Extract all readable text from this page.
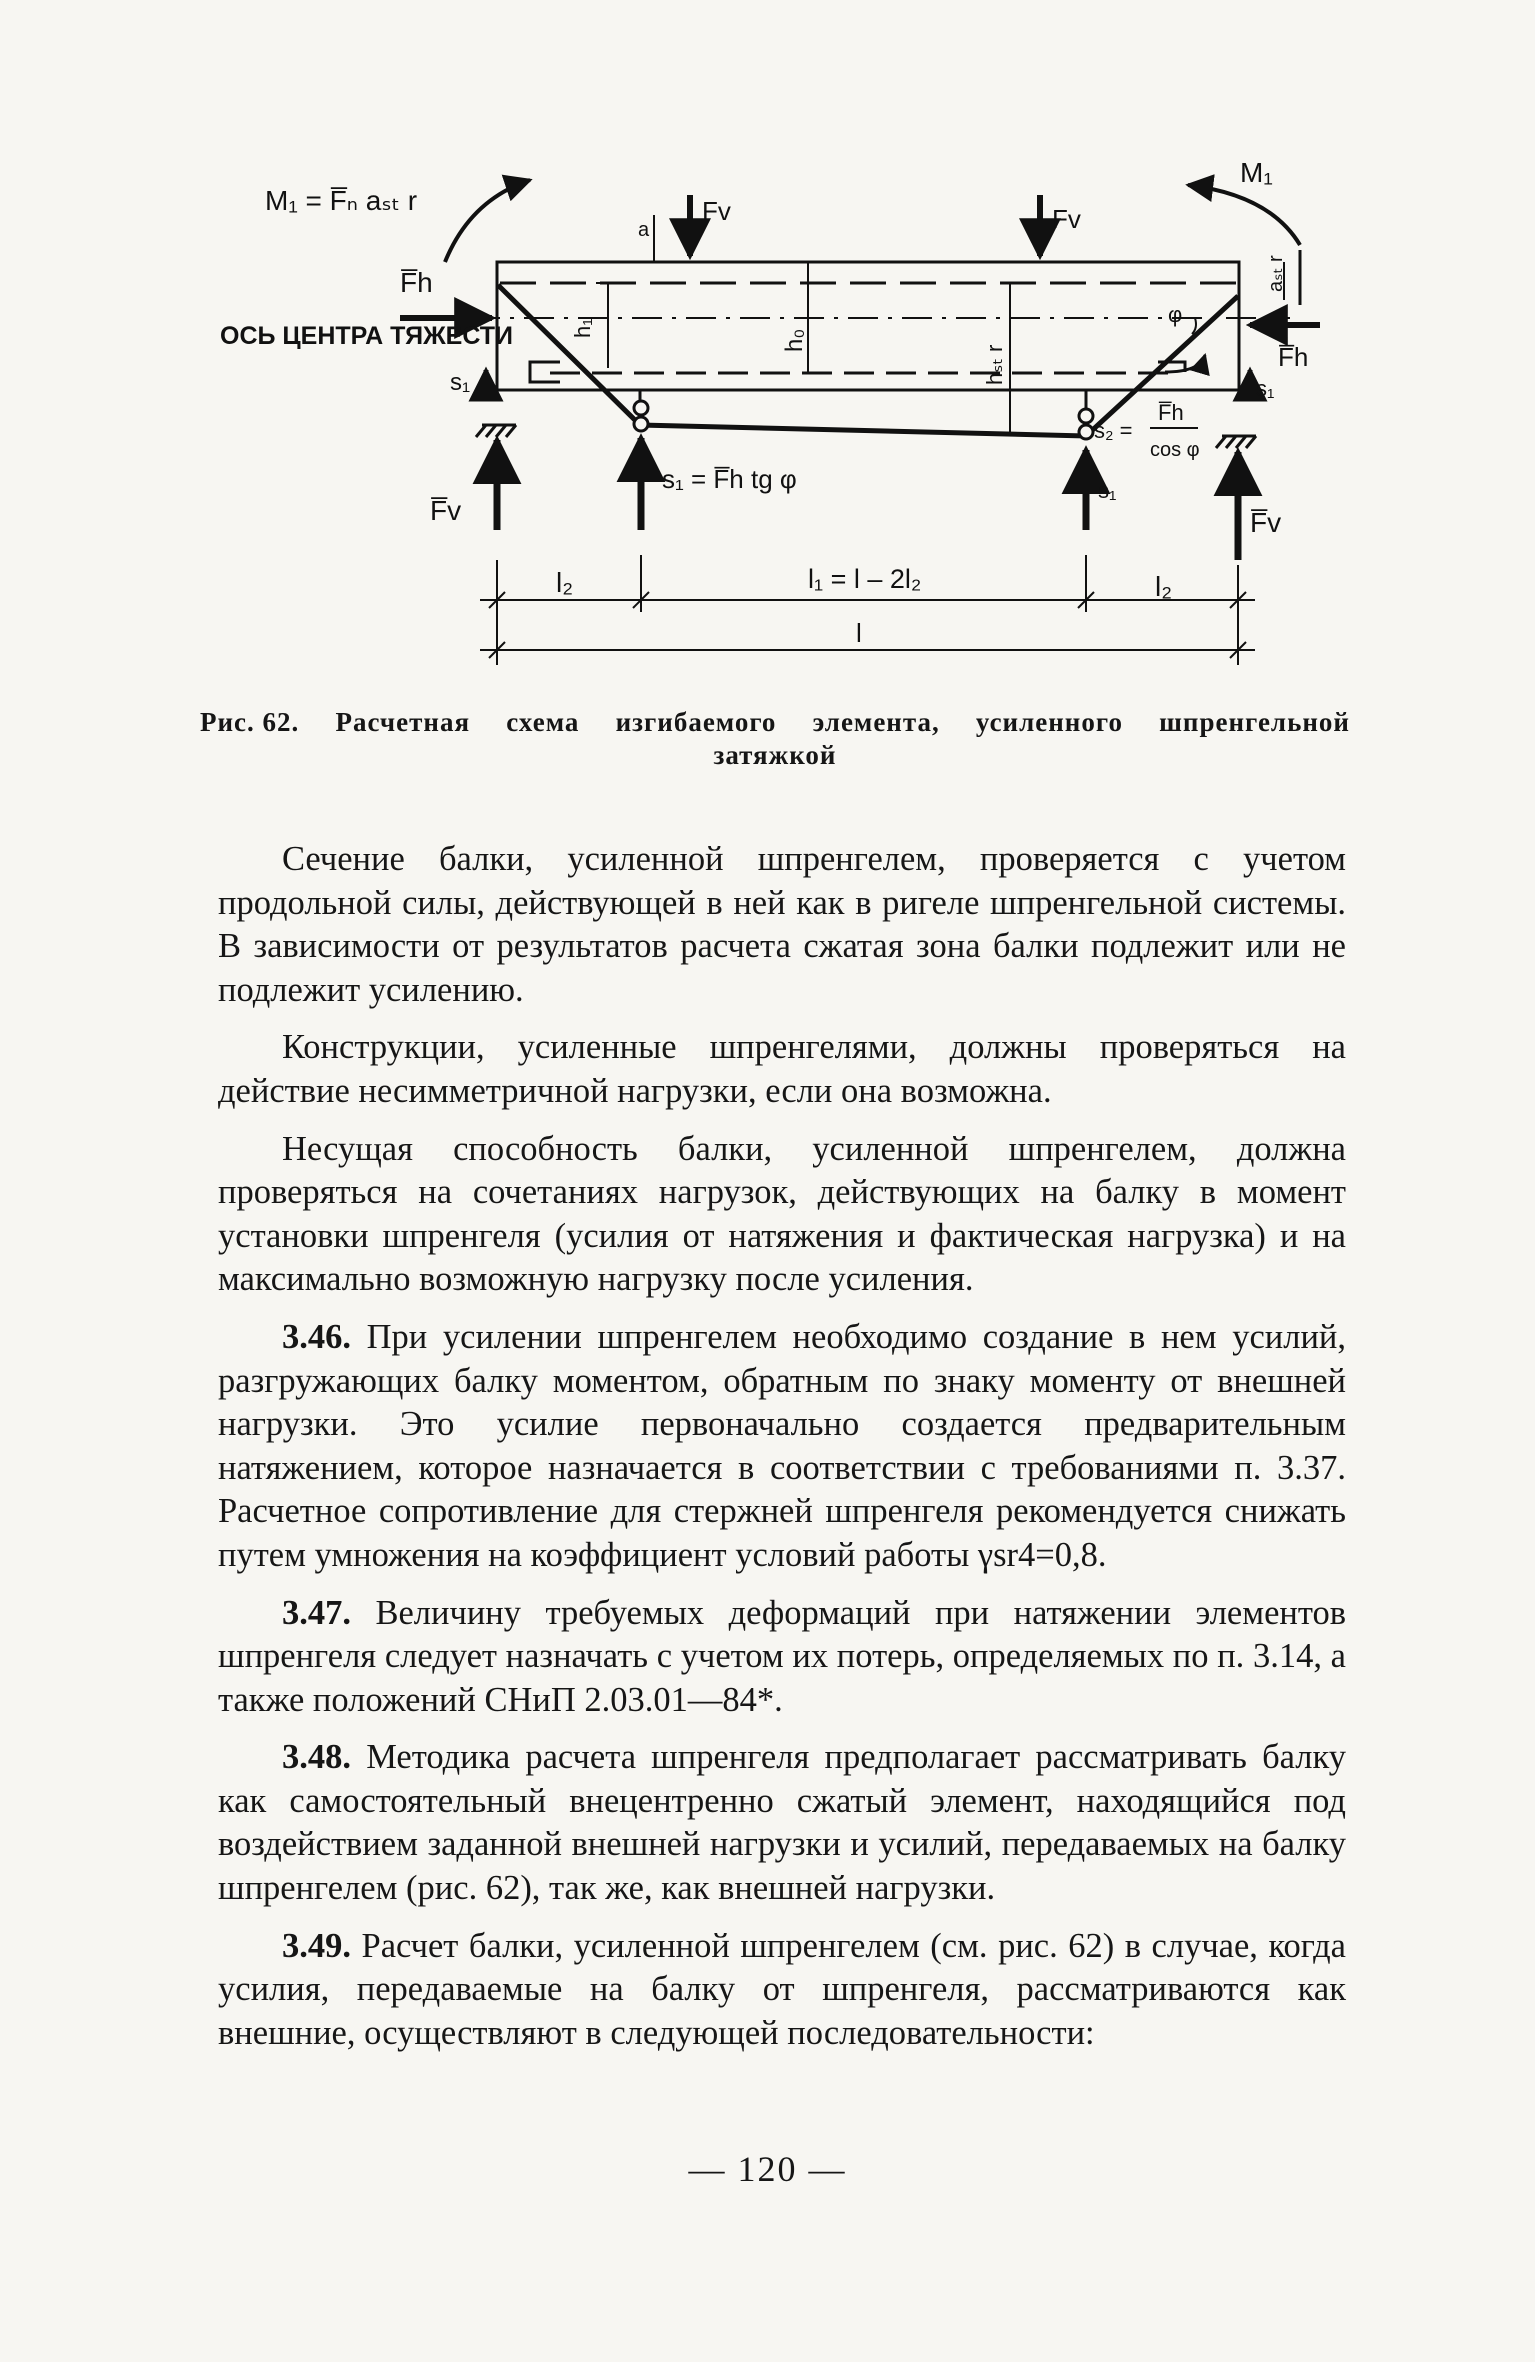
M₁ = F̅ₙ aₛₜ r
F̅h
ОСЬ ЦЕНТРА ТЯЖЕСТИ
s₁
F̅v
Fv	Fv
a
h₁
h₀
hₛₜ r
φ
aₛₜ r
M₁
F̅h
s₁
s₂ =
F̅h
cos φ
s₁ = F̅h tg φ	s₁
F̅v
l₂	l₁ = l – 2l₂	l₂
l
Рис. 62. Расчетная схема изгибаемого элемента, усиленного шпренгельной
затяжкой

Сечение балки, усиленной шпренгелем, проверяется с учетом продольной силы, действующей в ней как в ригеле шпренгельной системы. В зависимости от результатов расчета сжатая зона балки подлежит или не подлежит усилению.

Конструкции, усиленные шпренгелями, должны проверяться на действие несимметричной нагрузки, если она возможна.

Несущая способность балки, усиленной шпренгелем, должна проверяться на сочетаниях нагрузок, действующих на балку в момент установки шпренгеля (усилия от натяжения и фактическая нагрузка) и на максимально возможную нагрузку после усиления.

3.46. При усилении шпренгелем необходимо создание в нем усилий, разгружающих балку моментом, обратным по знаку моменту от внешней нагрузки. Это усилие первоначально создается предварительным натяжением, которое назначается в соответствии с требованиями п. 3.37. Расчетное сопротивление для стержней шпренгеля рекомендуется снижать путем умножения на коэффициент условий работы γsr4=0,8.

3.47. Величину требуемых деформаций при натяжении элементов шпренгеля следует назначать с учетом их потерь, определяемых по п. 3.14, а также положений СНиП 2.03.01—84*.

3.48. Методика расчета шпренгеля предполагает рассматривать балку как самостоятельный внецентренно сжатый элемент, находящийся под воздействием заданной внешней нагрузки и усилий, передаваемых на балку шпренгелем (рис. 62), так же, как внешней нагрузки.

3.49. Расчет балки, усиленной шпренгелем (см. рис. 62) в случае, когда усилия, передаваемые на балку от шпренгеля, рассматриваются как внешние, осуществляют в следующей последовательности:

— 120 —
